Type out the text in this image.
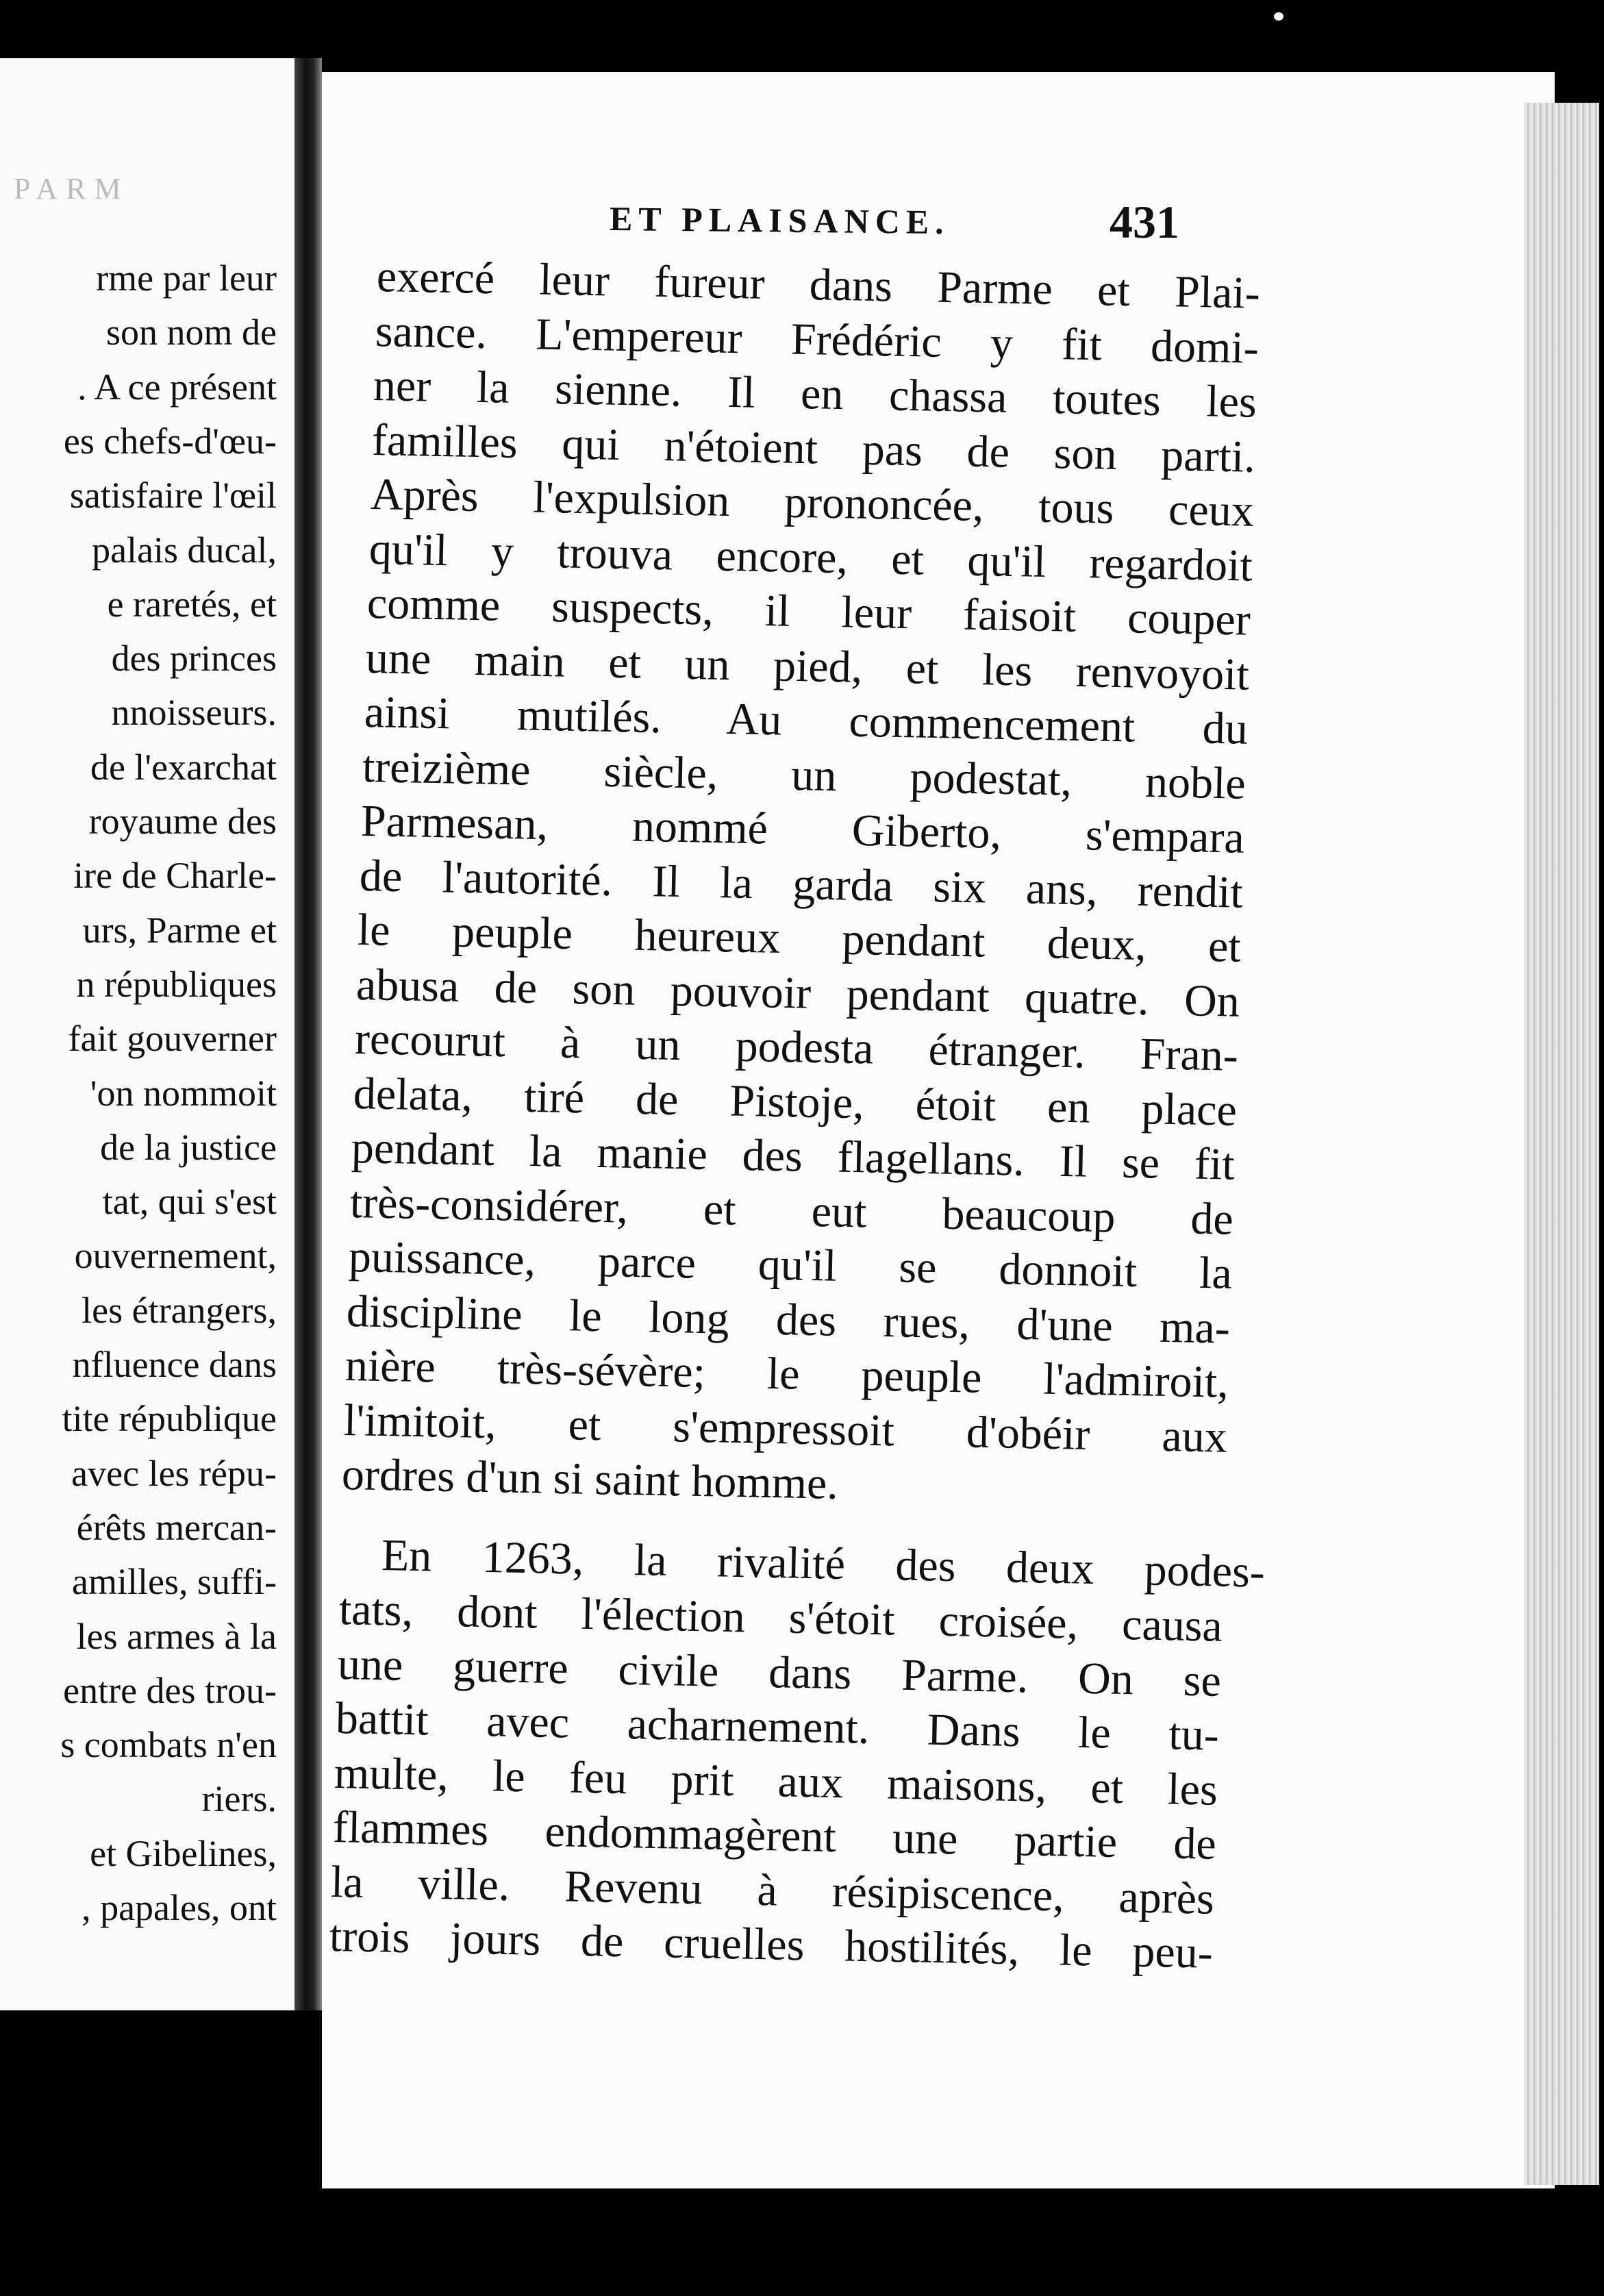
PARM
rme par leur
son nom de
. A ce présent
es chefs-d'œu-
satisfaire l'œil
palais ducal,
e raretés, et
des princes
nnoisseurs.
de l'exarchat
royaume des
ire de Charle-
urs, Parme et
n républiques
fait gouverner
'on nommoit
de la justice
tat, qui s'est
ouvernement,
les étrangers,
nfluence dans
tite république
avec les répu-
érêts mercan-
amilles, suffi-
les armes à la
entre des trou-
s combats n'en
riers.
et Gibelines,
, papales, ont
ET PLAISANCE.	431
exercé leur fureur dans Parme et Plai-
sance. L'empereur Frédéric y fit domi-
ner la sienne. Il en chassa toutes les
familles qui n'étoient pas de son parti.
Après l'expulsion prononcée, tous ceux
qu'il y trouva encore, et qu'il regardoit
comme suspects, il leur faisoit couper
une main et un pied, et les renvoyoit
ainsi mutilés. Au commencement du
treizième siècle, un podestat, noble
Parmesan, nommé Giberto, s'empara
de l'autorité. Il la garda six ans, rendit
le peuple heureux pendant deux, et
abusa de son pouvoir pendant quatre. On
recourut à un podesta étranger. Fran-
delata, tiré de Pistoje, étoit en place
pendant la manie des flagellans. Il se fit
très-considérer, et eut beaucoup de
puissance, parce qu'il se donnoit la
discipline le long des rues, d'une ma-
nière très-sévère; le peuple l'admiroit,
l'imitoit, et s'empressoit d'obéir aux
ordres d'un si saint homme.
En 1263, la rivalité des deux podes-
tats, dont l'élection s'étoit croisée, causa
une guerre civile dans Parme. On se
battit avec acharnement. Dans le tu-
multe, le feu prit aux maisons, et les
flammes endommagèrent une partie de
la ville. Revenu à résipiscence, après
trois jours de cruelles hostilités, le peu-
